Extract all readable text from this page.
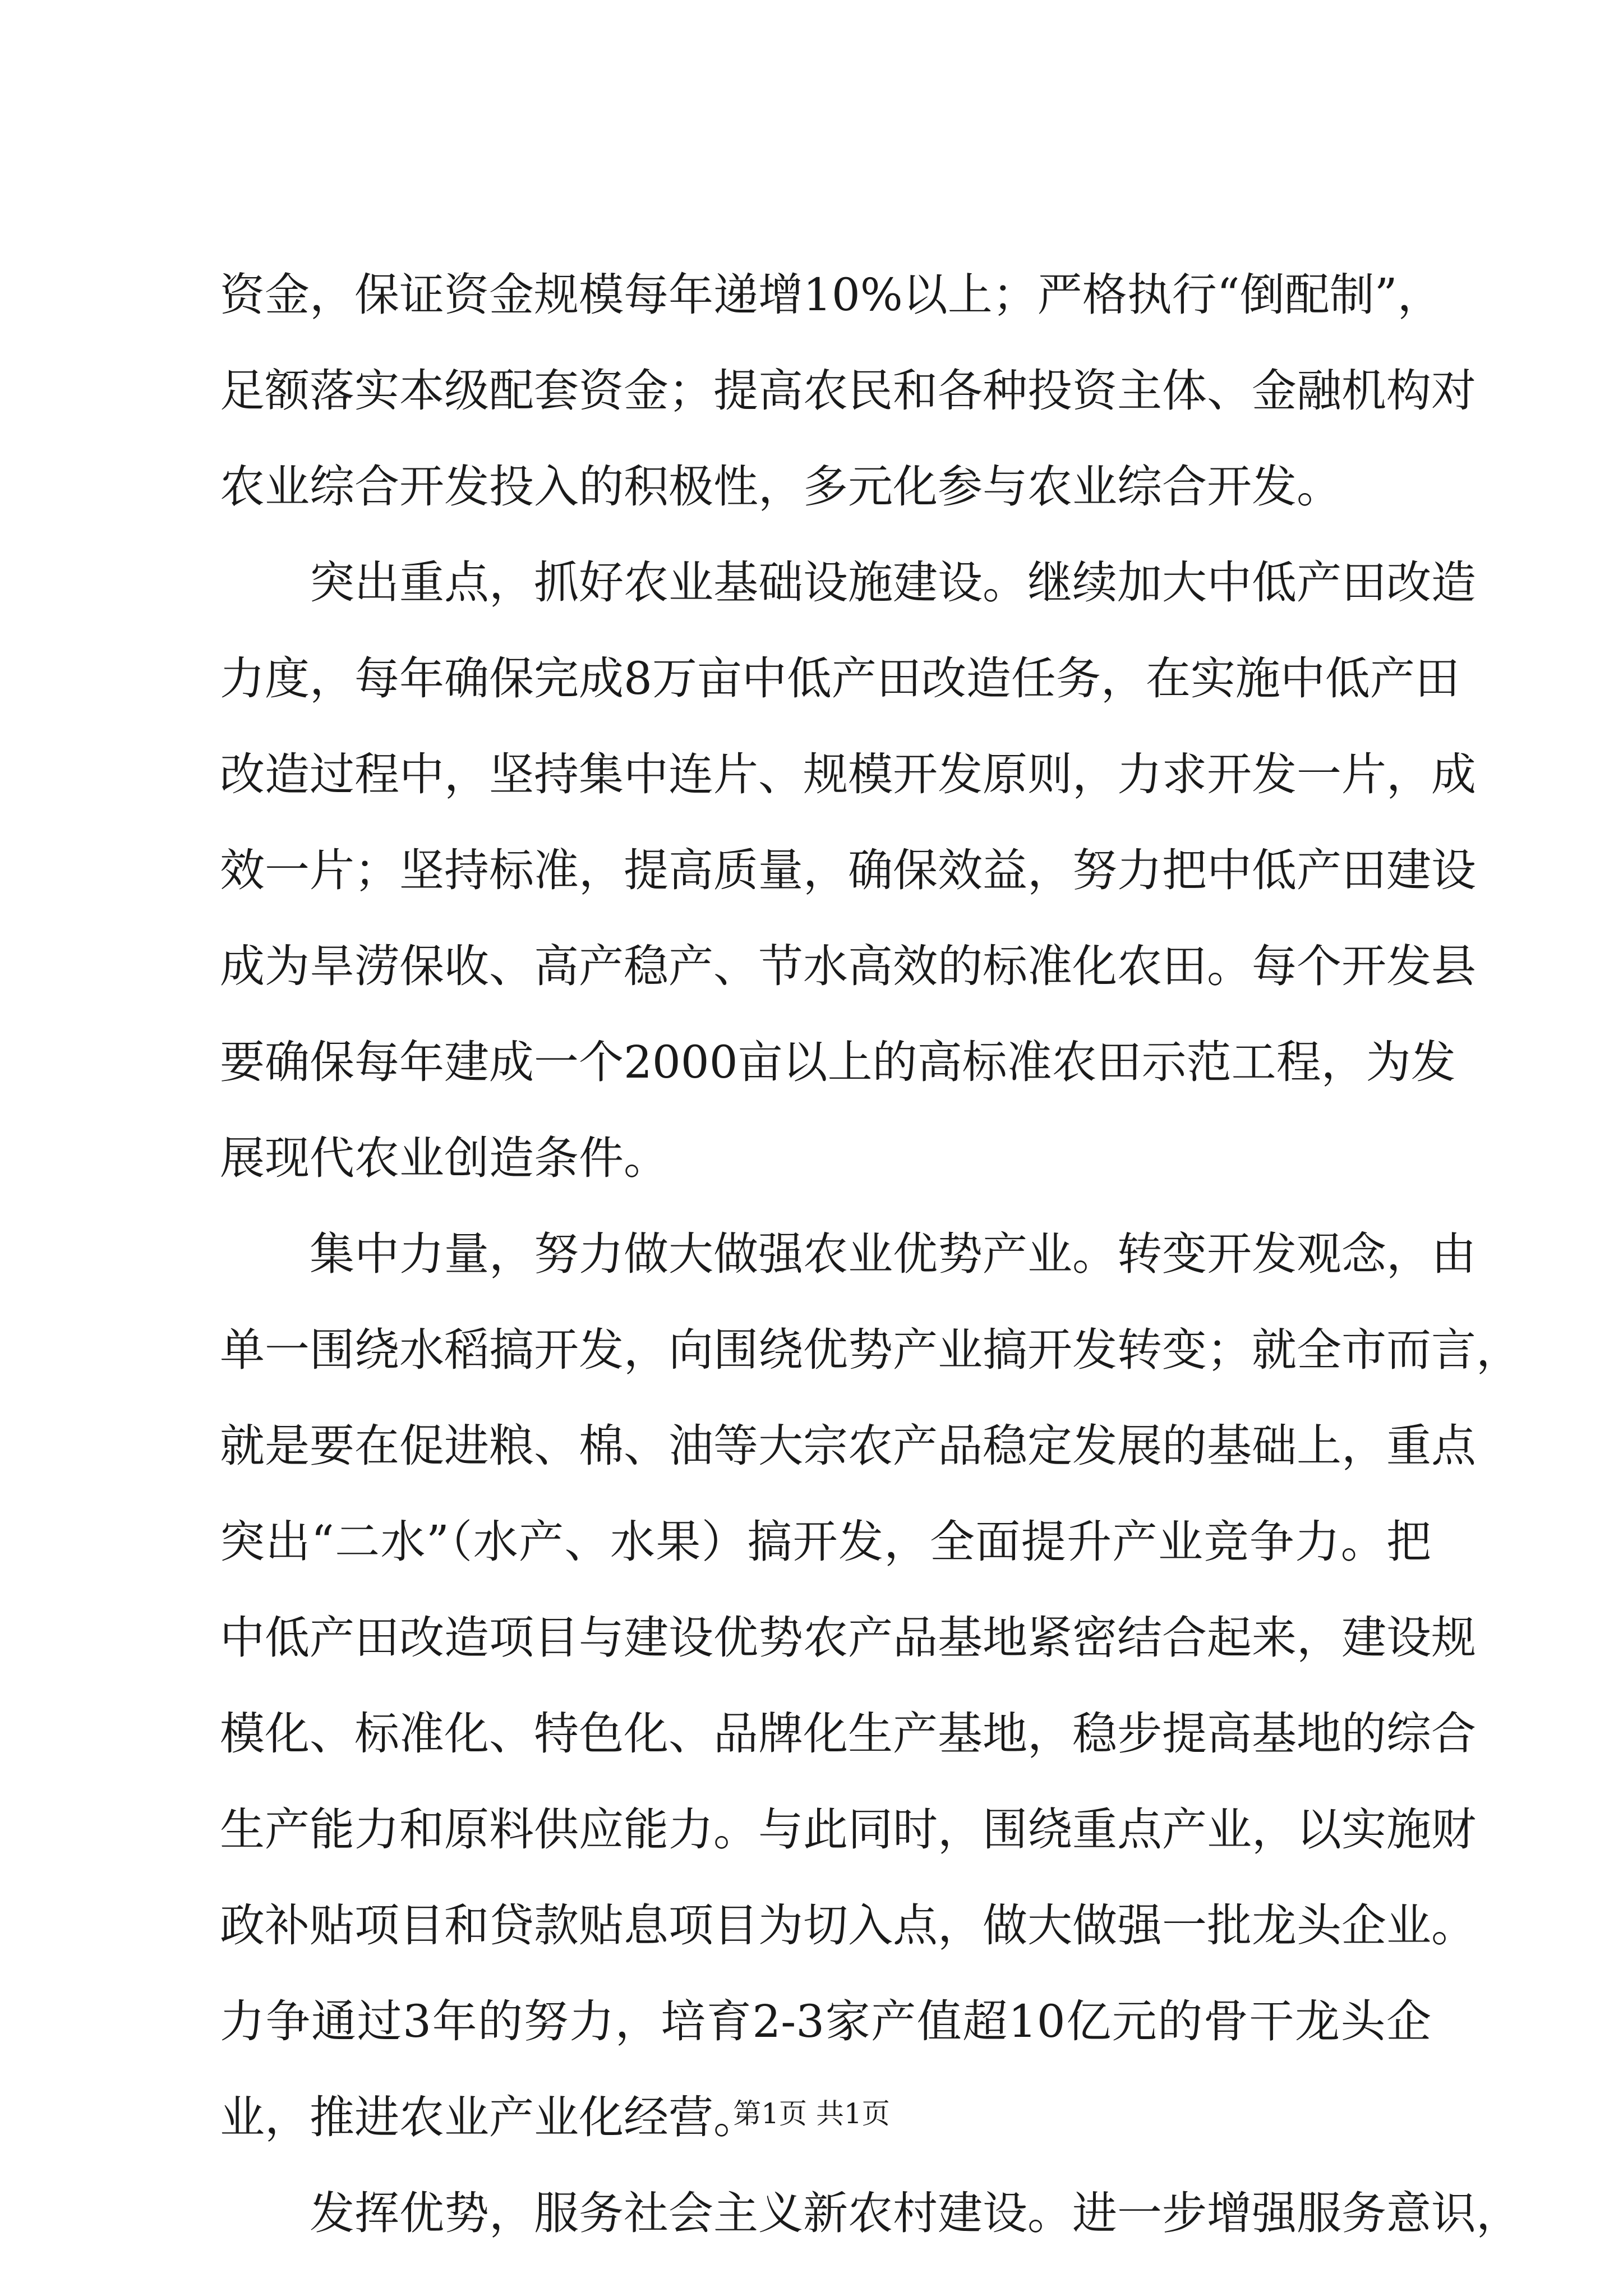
资金，保证资金规模每年递增10%以上；严格执行“倒配制”，
足额落实本级配套资金；提高农民和各种投资主体、金融机构对
农业综合开发投入的积极性，多元化参与农业综合开发。
突出重点，抓好农业基础设施建设。继续加大中低产田改造
力度，每年确保完成8万亩中低产田改造任务，在实施中低产田
改造过程中，坚持集中连片、规模开发原则，力求开发一片，成
效一片；坚持标准，提高质量，确保效益，努力把中低产田建设
成为旱涝保收、高产稳产、节水高效的标准化农田。每个开发县
要确保每年建成一个2000亩以上的高标准农田示范工程，为发
展现代农业创造条件。
集中力量，努力做大做强农业优势产业。转变开发观念，由
单一围绕水稻搞开发，向围绕优势产业搞开发转变；就全市而言，
就是要在促进粮、棉、油等大宗农产品稳定发展的基础上，重点
突出“二水”（水产、水果）搞开发，全面提升产业竞争力。把
中低产田改造项目与建设优势农产品基地紧密结合起来，建设规
模化、标准化、特色化、品牌化生产基地，稳步提高基地的综合
生产能力和原料供应能力。与此同时，围绕重点产业，以实施财
政补贴项目和贷款贴息项目为切入点，做大做强一批龙头企业。
力争通过3年的努力，培育2-3家产值超10亿元的骨干龙头企
业，推进农业产业化经营。
发挥优势，服务社会主义新农村建设。进一步增强服务意识，
第1页 共1页
